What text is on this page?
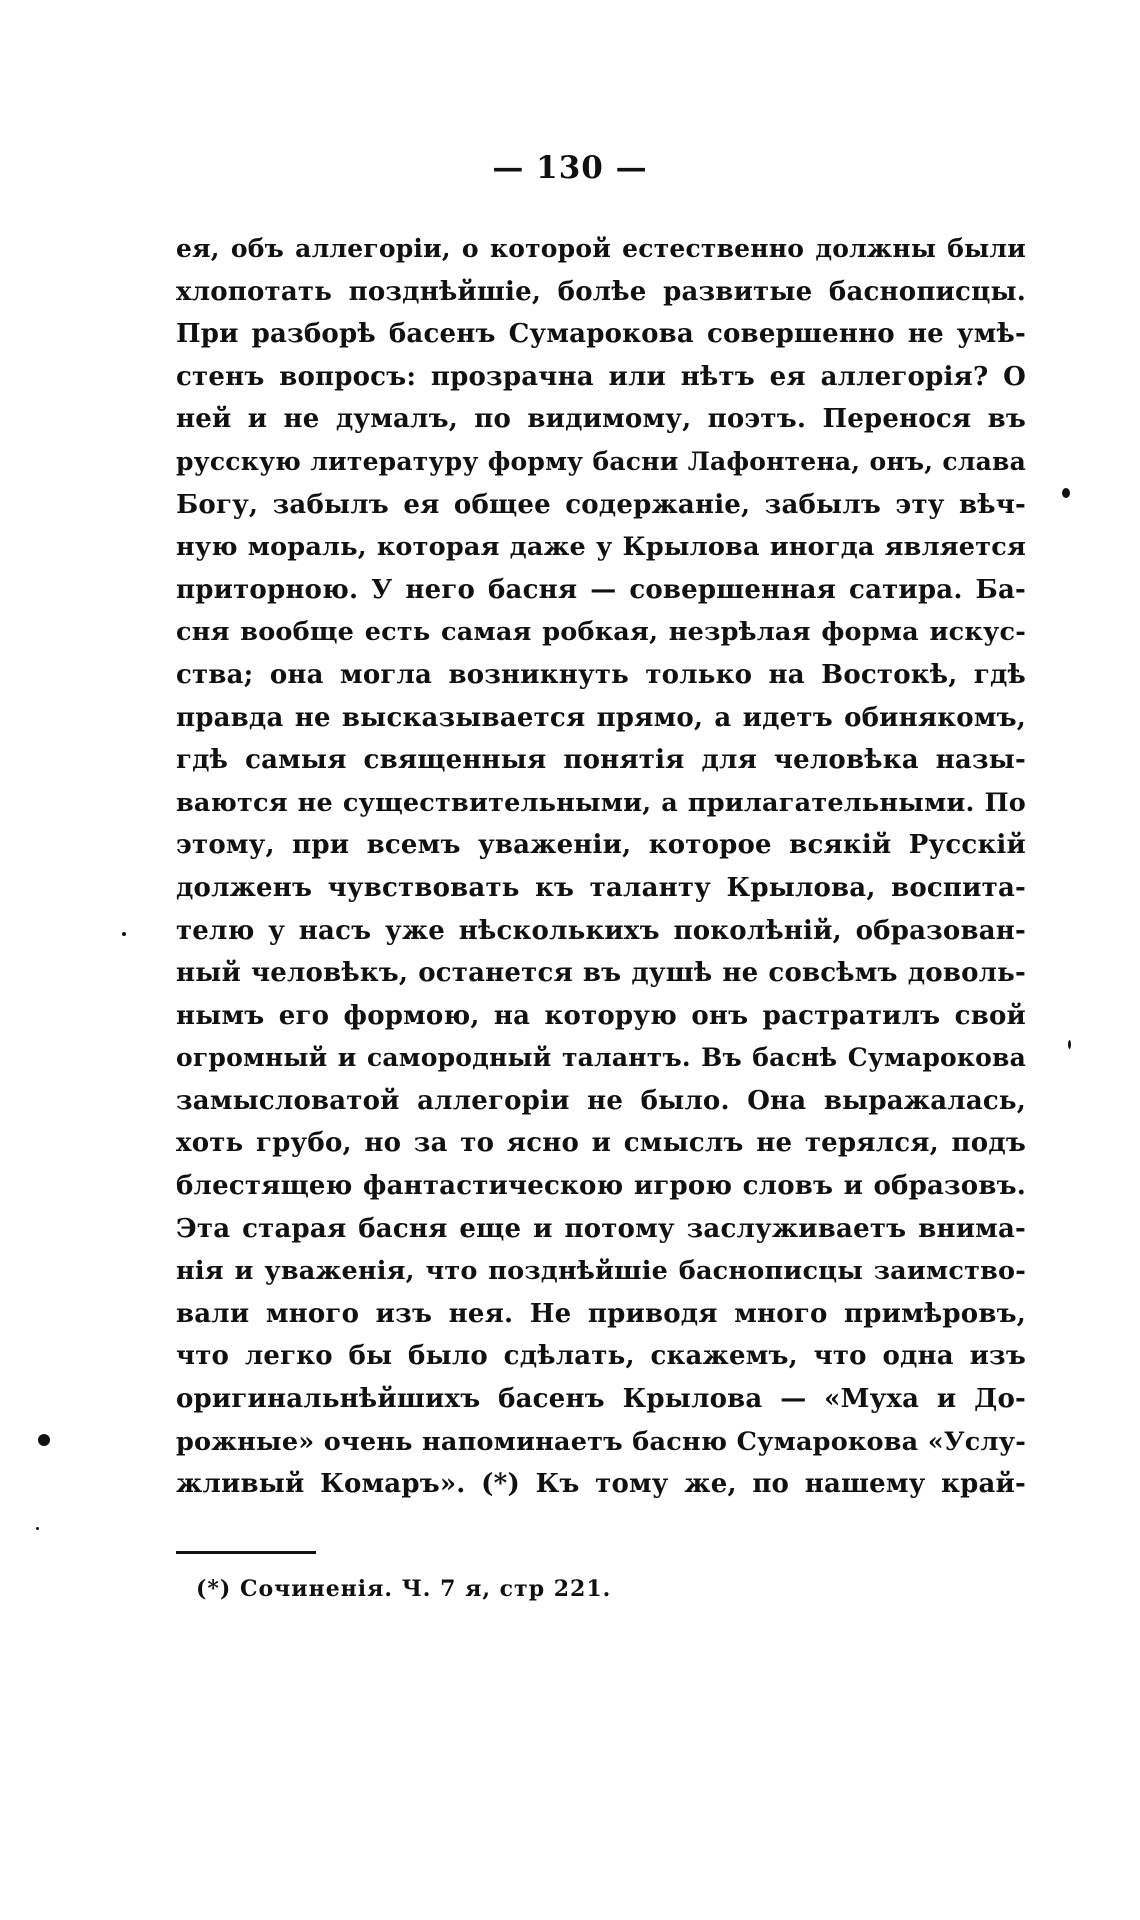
— 130 —
ея, объ аллегоріи, о которой естественно должны были
хлопотать позднѣйшіе, болѣе развитые баснописцы.
При разборѣ басенъ Сумарокова совершенно не умѣ-
стенъ вопросъ: прозрачна или нѣтъ ея аллегорія? О
ней и не думалъ, по видимому, поэтъ. Перенося въ
русскую литературу форму басни Лафонтена, онъ, слава
Богу, забылъ ея общее содержаніе, забылъ эту вѣч-
ную мораль, которая даже у Крылова иногда является
приторною. У него басня — совершенная сатира. Ба-
сня вообще есть самая робкая, незрѣлая форма искус-
ства; она могла возникнуть только на Востокѣ, гдѣ
правда не высказывается прямо, а идетъ обинякомъ,
гдѣ самыя священныя понятія для человѣка назы-
ваются не существительными, а прилагательными. По
этому, при всемъ уваженіи, которое всякій Русскій
долженъ чувствовать къ таланту Крылова, воспита-
телю у насъ уже нѣсколькихъ поколѣній, образован-
ный человѣкъ, останется въ душѣ не совсѣмъ доволь-
нымъ его формою, на которую онъ растратилъ свой
огромный и самородный талантъ. Въ баснѣ Сумарокова
замысловатой аллегоріи не было. Она выражалась,
хоть грубо, но за то ясно и смыслъ не терялся, подъ
блестящею фантастическою игрою словъ и образовъ.
Эта старая басня еще и потому заслуживаетъ внима-
нія и уваженія, что позднѣйшіе баснописцы заимство-
вали много изъ нея. Не приводя много примѣровъ,
что легко бы было сдѣлать, скажемъ, что одна изъ
оригинальнѣйшихъ басенъ Крылова — «Муха и До-
рожные» очень напоминаетъ басню Сумарокова «Услу-
жливый Комаръ». (*) Къ тому же, по нашему край-
(*) Сочиненія. Ч. 7 я, стр 221.
